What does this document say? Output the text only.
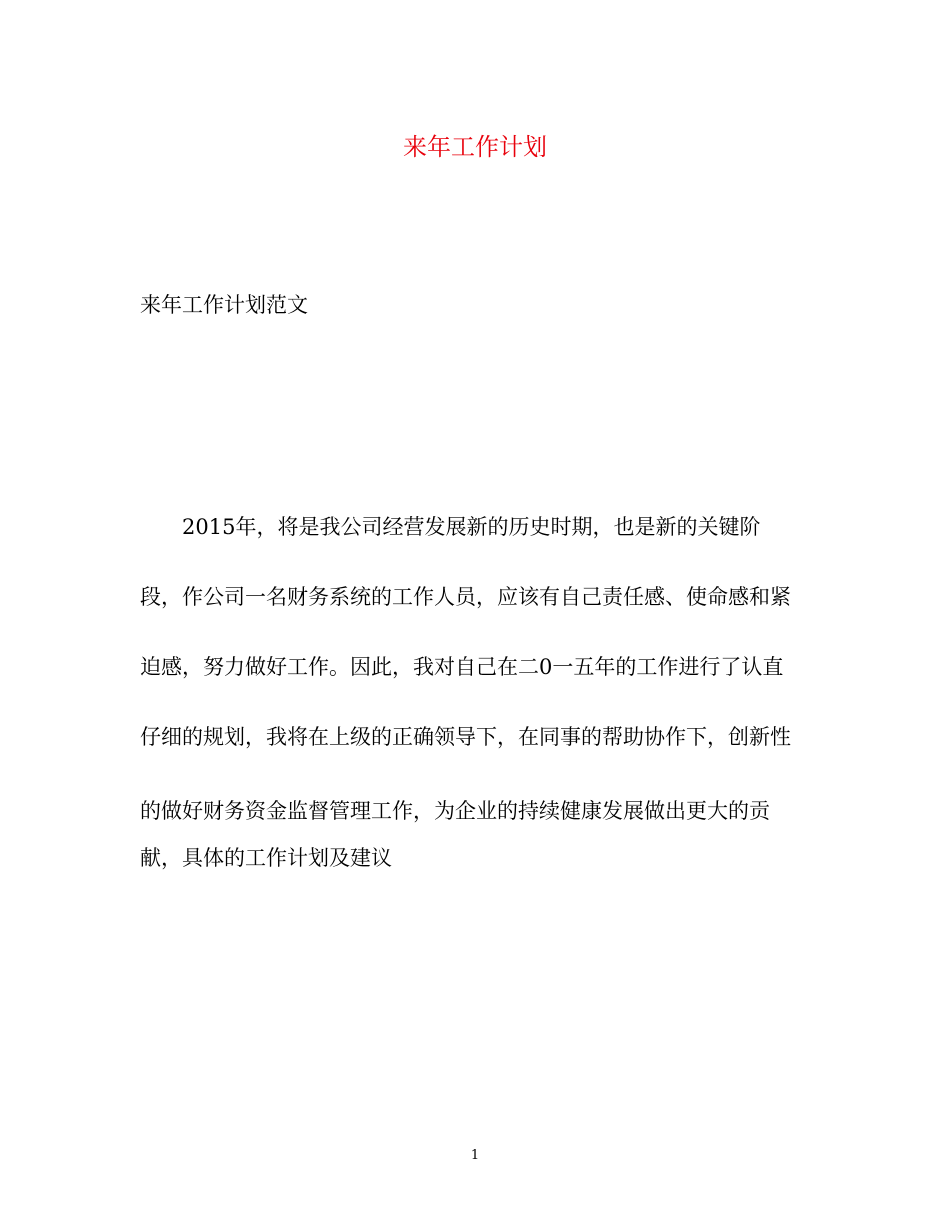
来年工作计划

来年工作计划范文

2015年，将是我公司经营发展新的历史时期，也是新的关键阶

段，作公司一名财务系统的工作人员，应该有自己责任感、使命感和紧

迫感，努力做好工作。因此，我对自己在二0一五年的工作进行了认直

仔细的规划，我将在上级的正确领导下，在同事的帮助协作下，创新性

的做好财务资金监督管理工作，为企业的持续健康发展做出更大的贡

献，具体的工作计划及建议

1
